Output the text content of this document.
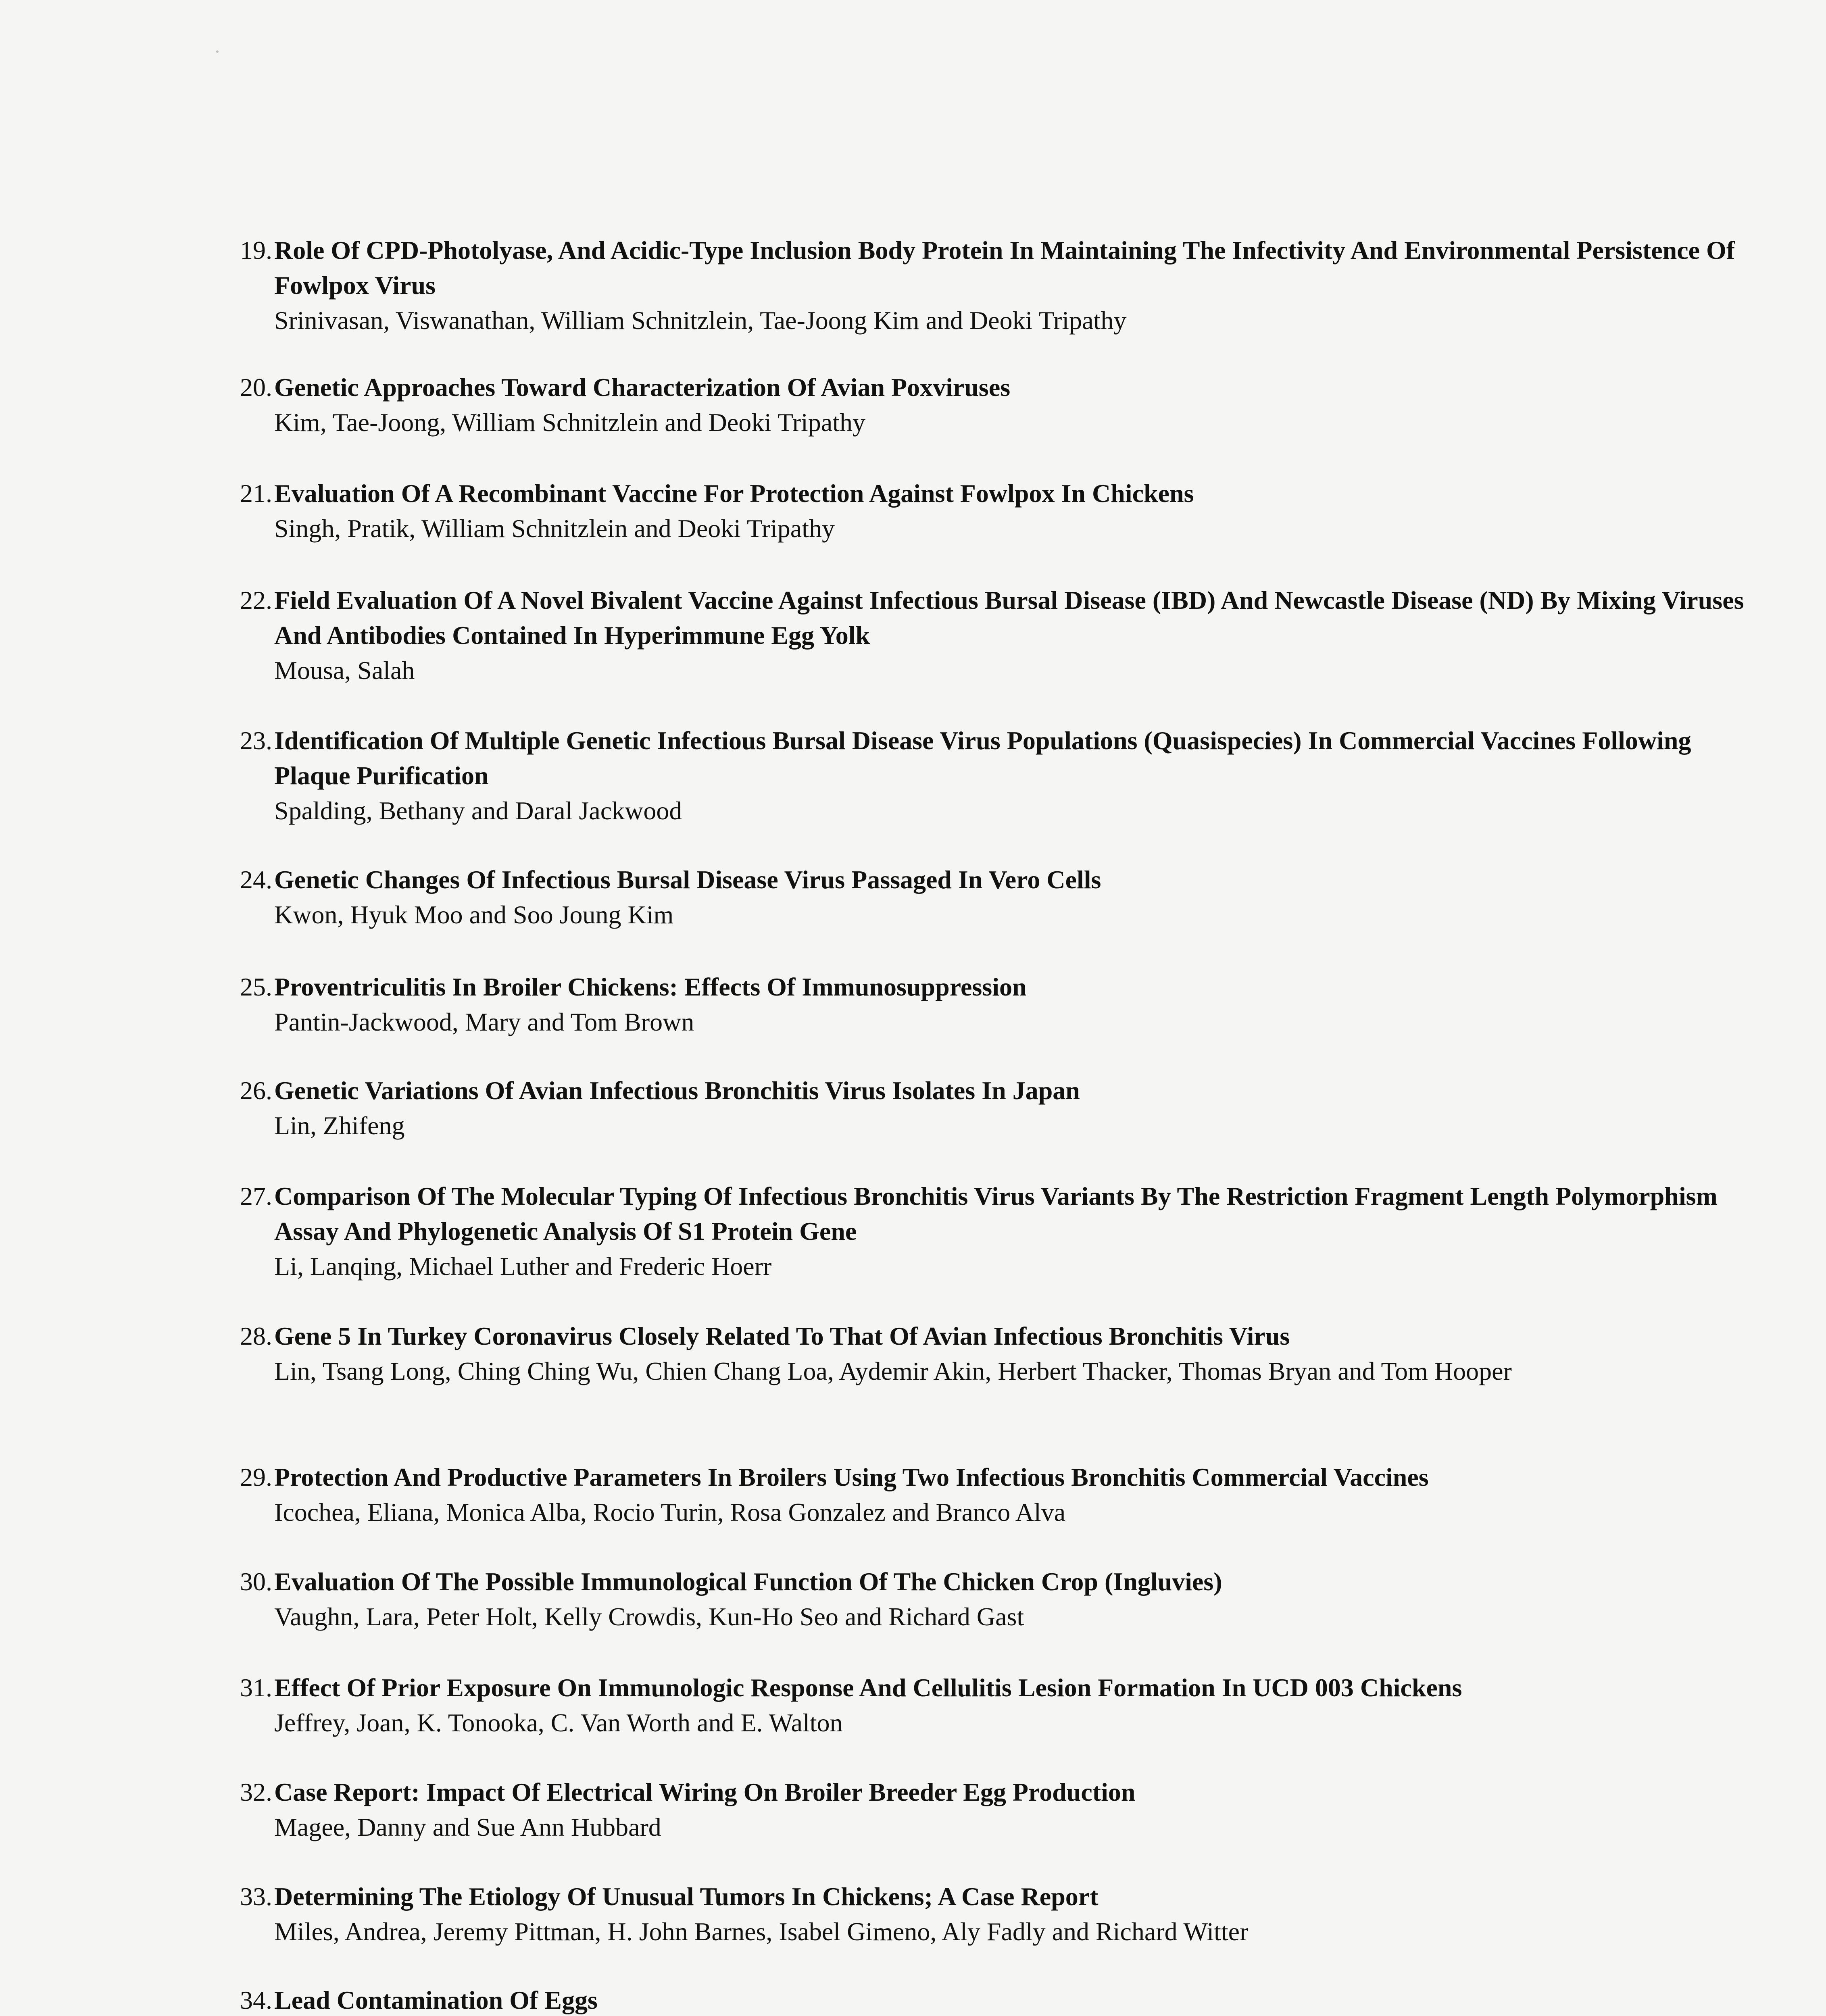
19. Role Of CPD-Photolyase, And Acidic-Type Inclusion Body Protein In Maintaining The Infectivity And Environmental Persistence Of Fowlpox Virus
Srinivasan, Viswanathan, William Schnitzlein, Tae-Joong Kim and Deoki Tripathy
20. Genetic Approaches Toward Characterization Of Avian Poxviruses
Kim, Tae-Joong, William Schnitzlein and Deoki Tripathy
21. Evaluation Of A Recombinant Vaccine For Protection Against Fowlpox In Chickens
Singh, Pratik, William Schnitzlein and Deoki Tripathy
22. Field Evaluation Of A Novel Bivalent Vaccine Against Infectious Bursal Disease (IBD) And Newcastle Disease (ND) By Mixing Viruses And Antibodies Contained In Hyperimmune Egg Yolk
Mousa, Salah
23. Identification Of Multiple Genetic Infectious Bursal Disease Virus Populations (Quasispecies) In Commercial Vaccines Following Plaque Purification
Spalding, Bethany and Daral Jackwood
24. Genetic Changes Of Infectious Bursal Disease Virus Passaged In Vero Cells
Kwon, Hyuk Moo and Soo Joung Kim
25. Proventriculitis In Broiler Chickens: Effects Of Immunosuppression
Pantin-Jackwood, Mary and Tom Brown
26. Genetic Variations Of Avian Infectious Bronchitis Virus Isolates In Japan
Lin, Zhifeng
27. Comparison Of The Molecular Typing Of Infectious Bronchitis Virus Variants By The Restriction Fragment Length Polymorphism Assay And Phylogenetic Analysis Of S1 Protein Gene
Li, Lanqing, Michael Luther and Frederic Hoerr
28. Gene 5 In Turkey Coronavirus Closely Related To That Of Avian Infectious Bronchitis Virus
Lin, Tsang Long, Ching Ching Wu, Chien Chang Loa, Aydemir Akin, Herbert Thacker, Thomas Bryan and Tom Hooper
29. Protection And Productive Parameters In Broilers Using Two Infectious Bronchitis Commercial Vaccines
Icochea, Eliana, Monica Alba, Rocio Turin, Rosa Gonzalez and Branco Alva
30. Evaluation Of The Possible Immunological Function Of The Chicken Crop (Ingluvies)
Vaughn, Lara, Peter Holt, Kelly Crowdis, Kun-Ho Seo and Richard Gast
31. Effect Of Prior Exposure On Immunologic Response And Cellulitis Lesion Formation In UCD 003 Chickens
Jeffrey, Joan, K. Tonooka, C. Van Worth and E. Walton
32. Case Report: Impact Of Electrical Wiring On Broiler Breeder Egg Production
Magee, Danny and Sue Ann Hubbard
33. Determining The Etiology Of Unusual Tumors In Chickens; A Case Report
Miles, Andrea, Jeremy Pittman, H. John Barnes, Isabel Gimeno, Aly Fadly and Richard Witter
34. Lead Contamination Of Eggs
